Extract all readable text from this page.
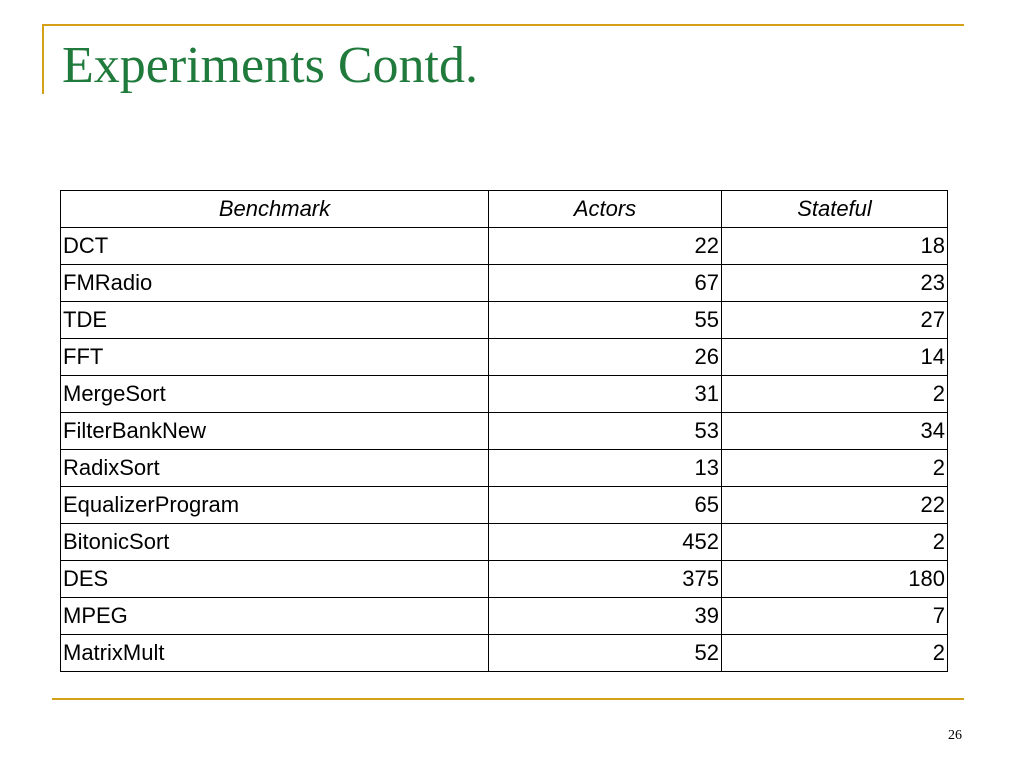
Experiments Contd.
Benchmark	Actors	Stateful
DCT	22	18
FMRadio	67	23
TDE	55	27
FFT	26	14
MergeSort	31	2
FilterBankNew	53	34
RadixSort	13	2
EqualizerProgram	65	22
BitonicSort	452	2
DES	375	180
MPEG	39	7
MatrixMult	52	2
26
